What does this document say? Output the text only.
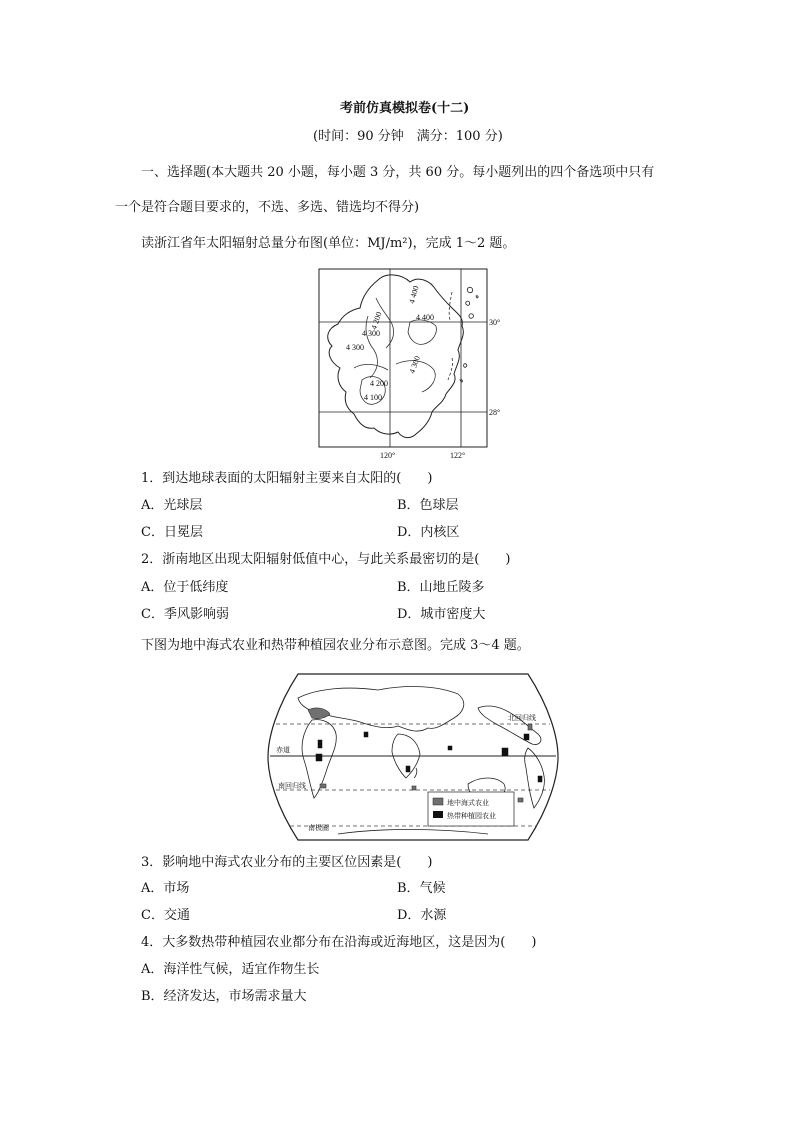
考前仿真模拟卷(十二)
(时间：90 分钟　满分：100 分)
一、选择题(本大题共 20 小题，每小题 3 分，共 60 分。每小题列出的四个备选项中只有
一个是符合题目要求的，不选、多选、错选均不得分)
读浙江省年太阳辐射总量分布图(单位：MJ/m²)，完成 1～2 题。
4 400
4 200
4 300
4 300
4 400
4 300
4 200
4 100
30°
28°
120°	122°
1．到达地球表面的太阳辐射主要来自太阳的(　　)
A．光球层	B．色球层
C．日冕层	D．内核区
2．浙南地区出现太阳辐射低值中心，与此关系最密切的是(　　)
A．位于低纬度	B．山地丘陵多
C．季风影响弱	D．城市密度大
下图为地中海式农业和热带种植园农业分布示意图。完成 3～4 题。
赤道
南回归线
北回归线
南极圈
地中海式农业
热带种植园农业
3．影响地中海式农业分布的主要区位因素是(　　)
A．市场	B．气候
C．交通	D．水源
4．大多数热带种植园农业都分布在沿海或近海地区，这是因为(　　)
A．海洋性气候，适宜作物生长
B．经济发达，市场需求量大
